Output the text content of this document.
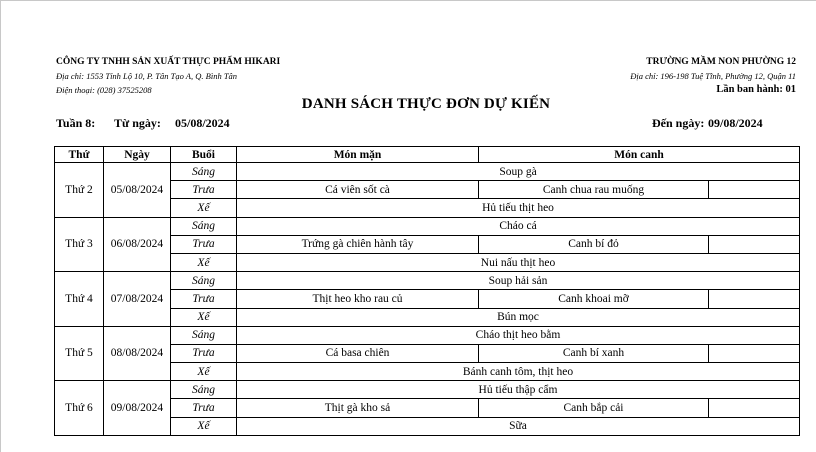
CÔNG TY TNHH SẢN XUẤT THỰC PHẨM HIKARI
Địa chỉ: 1553 Tỉnh Lộ 10, P. Tân Tạo A, Q. Bình Tân
Điện thoại: (028) 37525208
TRƯỜNG MẦM NON PHƯỜNG 12
Địa chỉ: 196-198 Tuệ Tĩnh, Phường 12, Quận 11
Lần ban hành: 01
DANH SÁCH THỰC ĐƠN DỰ KIẾN
Tuần 8: Từ ngày: 05/08/2024	Đến ngày: 09/08/2024
Thứ	Ngày	Buổi	Món mặn	Món canh	
Thứ 2	05/08/2024	Sáng	Soup gà		
		Trưa	Cá viên sốt cà	Canh chua rau muống	
		Xế	Hủ tiếu thịt heo		
Thứ 3	06/08/2024	Sáng	Cháo cá		
		Trưa	Trứng gà chiên hành tây	Canh bí đỏ	
		Xế	Nui nấu thịt heo		
Thứ 4	07/08/2024	Sáng	Soup hải sản		
		Trưa	Thịt heo kho rau củ	Canh khoai mỡ	
		Xế	Bún mọc		
Thứ 5	08/08/2024	Sáng	Cháo thịt heo bằm		
		Trưa	Cá basa chiên	Canh bí xanh	
		Xế	Bánh canh tôm, thịt heo		
Thứ 6	09/08/2024	Sáng	Hủ tiếu thập cẩm		
		Trưa	Thịt gà kho sả	Canh bắp cải	
		Xế	Sữa		
